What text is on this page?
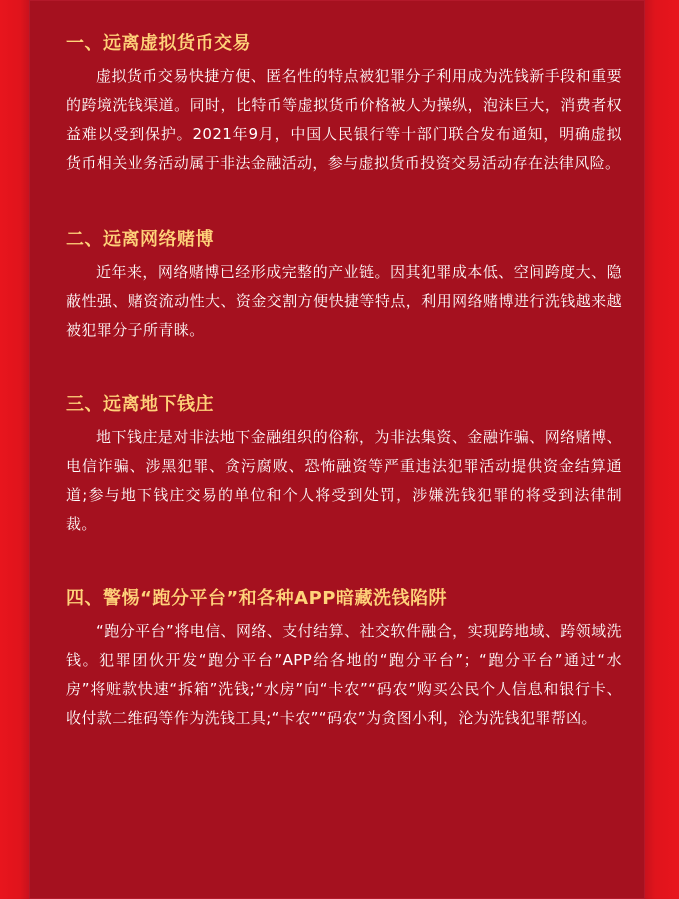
一、远离虚拟货币交易

虚拟货币交易快捷方便、匿名性的特点被犯罪分子利用成为洗钱新手段和重要的跨境洗钱渠道。同时，比特币等虚拟货币价格被人为操纵，泡沫巨大，消费者权益难以受到保护。2021年9月，中国人民银行等十部门联合发布通知，明确虚拟货币相关业务活动属于非法金融活动，参与虚拟货币投资交易活动存在法律风险。

二、远离网络赌博

近年来，网络赌博已经形成完整的产业链。因其犯罪成本低、空间跨度大、隐蔽性强、赌资流动性大、资金交割方便快捷等特点，利用网络赌博进行洗钱越来越被犯罪分子所青睐。

三、远离地下钱庄

地下钱庄是对非法地下金融组织的俗称，为非法集资、金融诈骗、网络赌博、电信诈骗、涉黑犯罪、贪污腐败、恐怖融资等严重违法犯罪活动提供资金结算通道;参与地下钱庄交易的单位和个人将受到处罚，涉嫌洗钱犯罪的将受到法律制裁。

四、警惕“跑分平台”和各种APP暗藏洗钱陷阱

“跑分平台”将电信、网络、支付结算、社交软件融合，实现跨地域、跨领域洗钱。犯罪团伙开发“跑分平台”APP给各地的“跑分平台”；“跑分平台”通过“水房”将赃款快速“拆箱”洗钱;“水房”向“卡农”“码农”购买公民个人信息和银行卡、收付款二维码等作为洗钱工具;“卡农”“码农”为贪图小利，沦为洗钱犯罪帮凶。
